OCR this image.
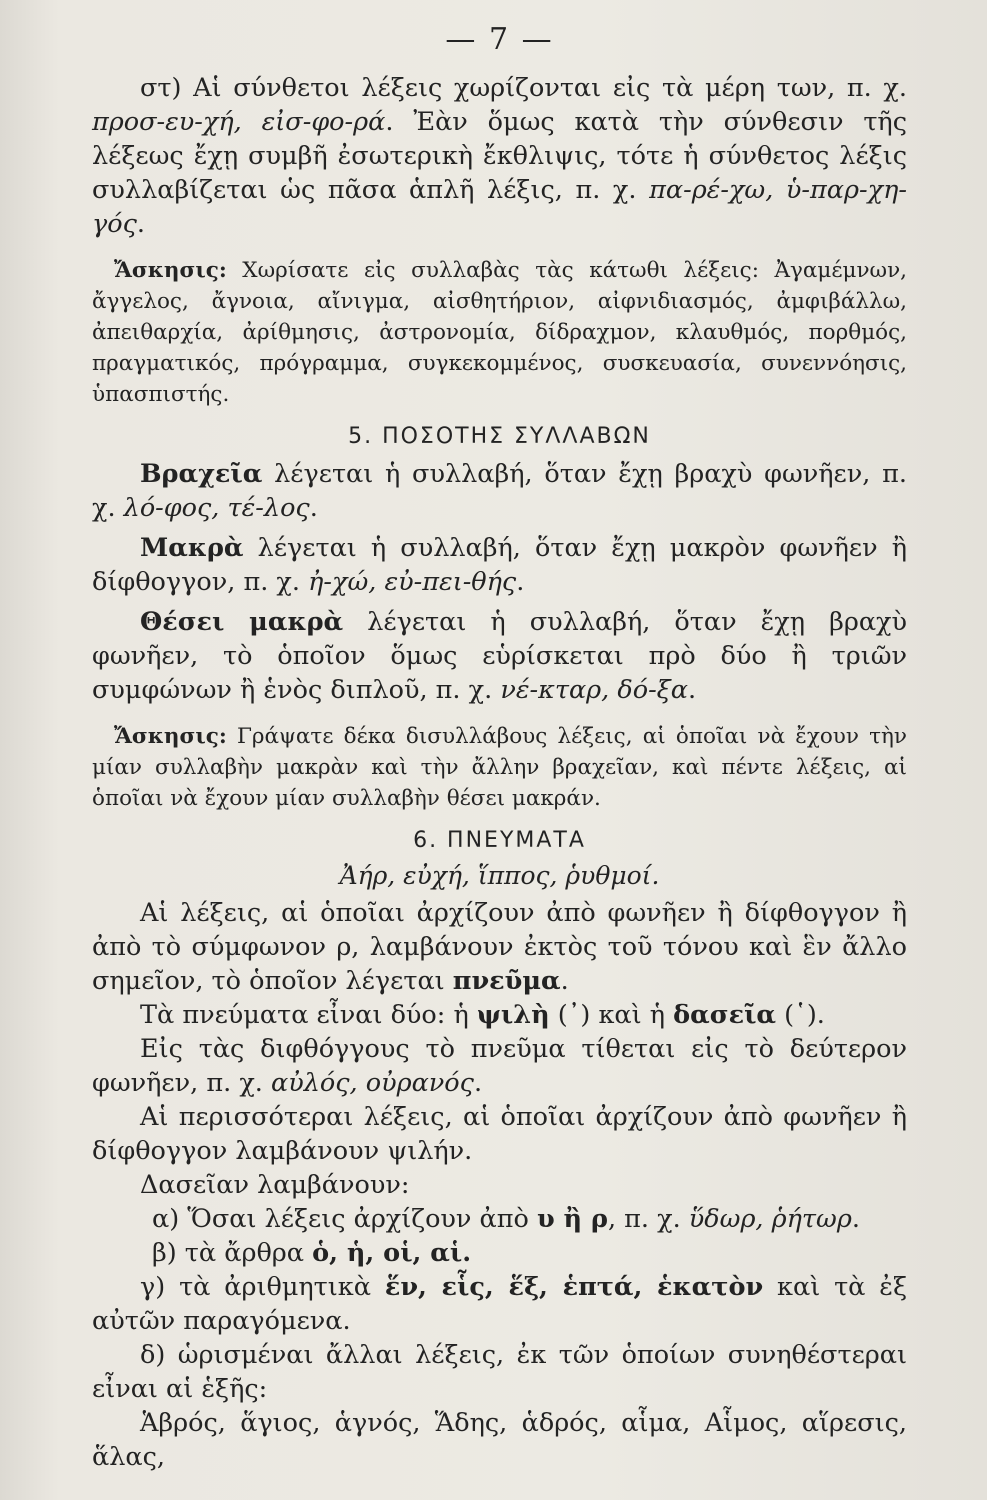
— 7 —

στ) Αἱ σύνθετοι λέξεις χωρίζονται εἰς τὰ μέρη των, π. χ. προσ-ευ-χή, εἰσ-φο-ρά. Ἐὰν ὅμως κατὰ τὴν σύνθεσιν τῆς λέξεως ἔχῃ συμβῆ ἐσωτερικὴ ἔκθλιψις, τότε ἡ σύνθετος λέξις συλλαβίζεται ὡς πᾶσα ἁπλῆ λέξις, π. χ. πα-ρέ-χω, ὑ-παρ-χη-γός.

Ἄσκησις: Χωρίσατε εἰς συλλαβὰς τὰς κάτωθι λέξεις: Ἀγαμέμνων, ἄγγελος, ἄγνοια, αἴνιγμα, αἰσθητήριον, αἰφνιδιασμός, ἀμφιβάλλω, ἀπειθαρχία, ἀρίθμησις, ἀστρονομία, δίδραχμον, κλαυθμός, πορθμός, πραγματικός, πρόγραμμα, συγκεκομμένος, συσκευασία, συνεννόησις, ὑπασπιστής.

5. ΠΟΣΟΤΗΣ ΣΥΛΛΑΒΩΝ

Βραχεῖα λέγεται ἡ συλλαβή, ὅταν ἔχῃ βραχὺ φωνῆεν, π. χ. λό-φος, τέ-λος.

Μακρὰ λέγεται ἡ συλλαβή, ὅταν ἔχῃ μακρὸν φωνῆεν ἢ δίφθογγον, π. χ. ἠ-χώ, εὐ-πει-θής.

Θέσει μακρὰ λέγεται ἡ συλλαβή, ὅταν ἔχῃ βραχὺ φωνῆεν, τὸ ὁποῖον ὅμως εὑρίσκεται πρὸ δύο ἢ τριῶν συμφώνων ἢ ἑνὸς διπλοῦ, π. χ. νέ-κταρ, δό-ξα.

Ἄσκησις: Γράψατε δέκα δισυλλάβους λέξεις, αἱ ὁποῖαι νὰ ἔχουν τὴν μίαν συλλαβὴν μακρὰν καὶ τὴν ἄλλην βραχεῖαν, καὶ πέντε λέξεις, αἱ ὁποῖαι νὰ ἔχουν μίαν συλλαβὴν θέσει μακράν.

6. ΠΝΕΥΜΑΤΑ
Ἀήρ, εὐχή, ἵππος, ῥυθμοί.

Αἱ λέξεις, αἱ ὁποῖαι ἀρχίζουν ἀπὸ φωνῆεν ἢ δίφθογγον ἢ ἀπὸ τὸ σύμφωνον ρ, λαμβάνουν ἐκτὸς τοῦ τόνου καὶ ἓν ἄλλο σημεῖον, τὸ ὁποῖον λέγεται πνεῦμα.

Τὰ πνεύματα εἶναι δύο: ἡ ψιλὴ (᾿) καὶ ἡ δασεῖα (῾).

Εἰς τὰς διφθόγγους τὸ πνεῦμα τίθεται εἰς τὸ δεύτερον φωνῆεν, π. χ. αὐλός, οὐρανός.

Αἱ περισσότεραι λέξεις, αἱ ὁποῖαι ἀρχίζουν ἀπὸ φωνῆεν ἢ δίφθογγον λαμβάνουν ψιλήν.

Δασεῖαν λαμβάνουν:

α) Ὅσαι λέξεις ἀρχίζουν ἀπὸ υ ἢ ρ, π. χ. ὕδωρ, ῥήτωρ.

β) τὰ ἄρθρα ὁ, ἡ, οἱ, αἱ.

γ) τὰ ἀριθμητικὰ ἕν, εἷς, ἕξ, ἑπτά, ἑκατὸν καὶ τὰ ἐξ αὐτῶν παραγόμενα.

δ) ὡρισμέναι ἄλλαι λέξεις, ἐκ τῶν ὁποίων συνηθέστεραι εἶναι αἱ ἑξῆς:

Ἁβρός, ἅγιος, ἁγνός, Ἅδης, ἁδρός, αἷμα, Αἷμος, αἵρεσις, ἅλας,
